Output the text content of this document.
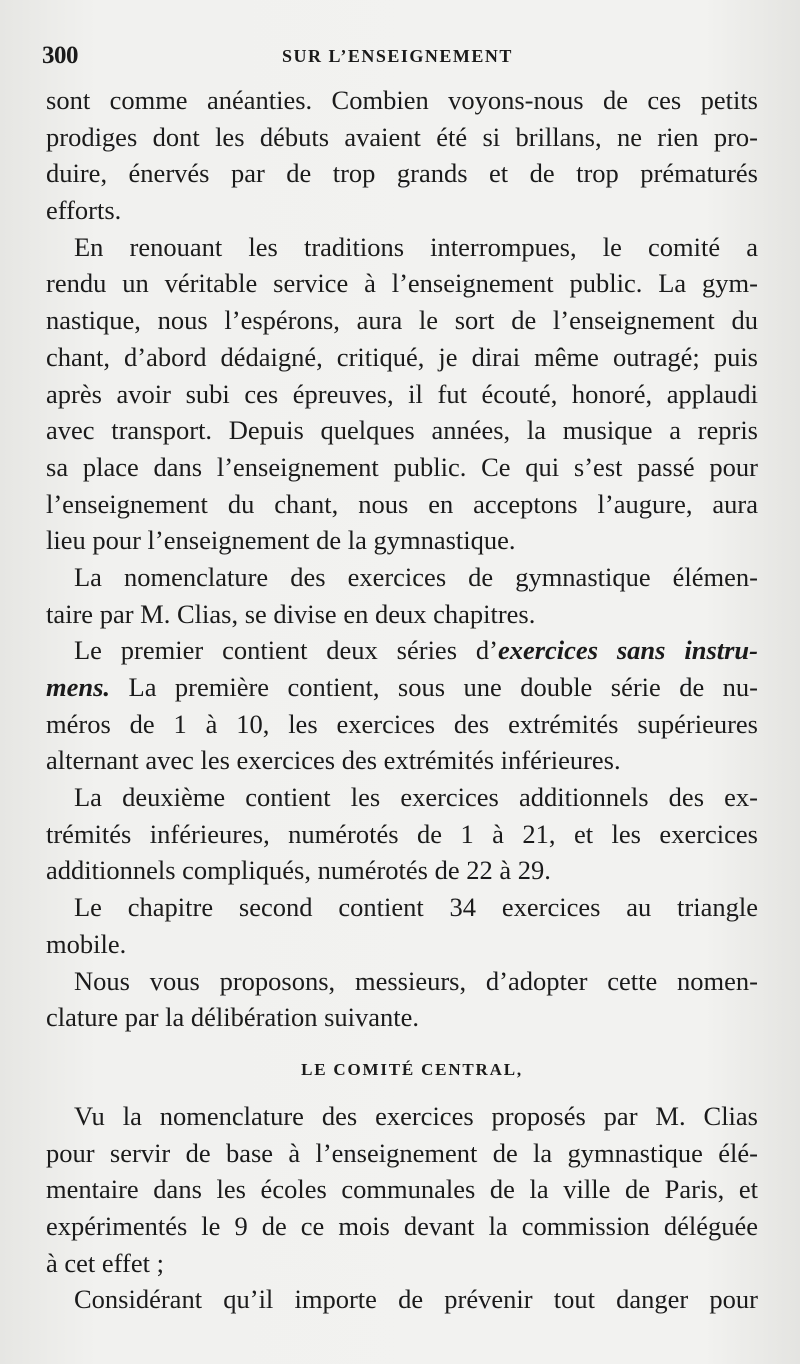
300	SUR L’ENSEIGNEMENT
sont comme anéanties. Combien voyons-nous de ces petits
prodiges dont les débuts avaient été si brillans, ne rien pro-
duire, énervés par de trop grands et de trop prématurés
efforts.
En renouant les traditions interrompues, le comité a
rendu un véritable service à l’enseignement public. La gym-
nastique, nous l’espérons, aura le sort de l’enseignement du
chant, d’abord dédaigné, critiqué, je dirai même outragé; puis
après avoir subi ces épreuves, il fut écouté, honoré, applaudi
avec transport. Depuis quelques années, la musique a repris
sa place dans l’enseignement public. Ce qui s’est passé pour
l’enseignement du chant, nous en acceptons l’augure, aura
lieu pour l’enseignement de la gymnastique.
La nomenclature des exercices de gymnastique élémen-
taire par M. Clias, se divise en deux chapitres.
Le premier contient deux séries d’exercices sans instru-
mens. La première contient, sous une double série de nu-
méros de 1 à 10, les exercices des extrémités supérieures
alternant avec les exercices des extrémités inférieures.
La deuxième contient les exercices additionnels des ex-
trémités inférieures, numérotés de 1 à 21, et les exercices
additionnels compliqués, numérotés de 22 à 29.
Le chapitre second contient 34 exercices au triangle
mobile.
Nous vous proposons, messieurs, d’adopter cette nomen-
clature par la délibération suivante.
LE COMITÉ CENTRAL,
Vu la nomenclature des exercices proposés par M. Clias
pour servir de base à l’enseignement de la gymnastique élé-
mentaire dans les écoles communales de la ville de Paris, et
expérimentés le 9 de ce mois devant la commission déléguée
à cet effet ;
Considérant qu’il importe de prévenir tout danger pour
